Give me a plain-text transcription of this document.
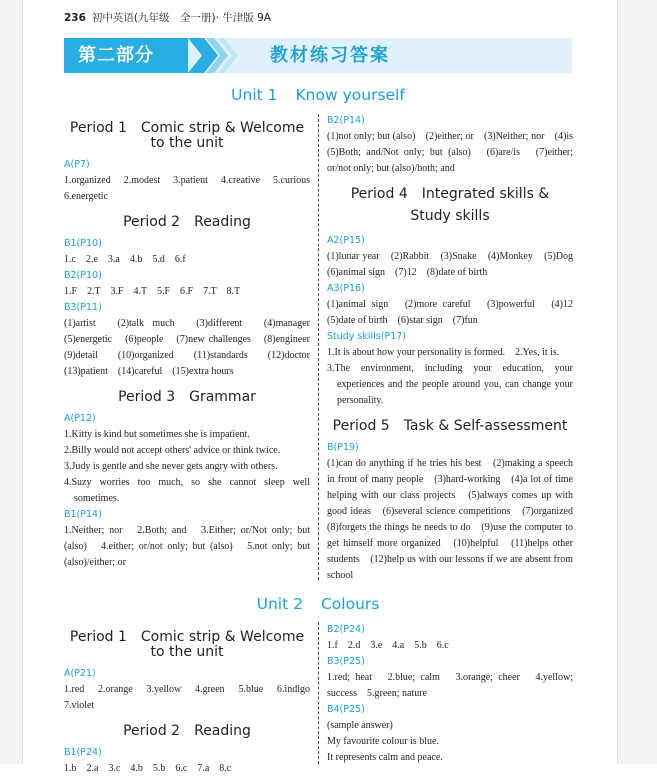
236 初中英语(九年级　全一册)· 牛津版 9A
第二部分	教材练习答案
Unit 1 Know yourself
Period 1 Comic strip & Welcome
to the unit
A(P7)
1.organized　2.modest　3.patient　4.creative　5.curious　6.energetic
Period 2 Reading
B1(P10)
1.c　2.e　3.a　4.b　5.d　6.f
B2(P10)
1.F　2.T　3.F　4.T　5.F　6.F　7.T　8.T
B3(P11)
(1)artist　(2)talk much　(3)different　(4)manager　(5)energetic　(6)people　(7)new challenges　(8)engineer　(9)detail　(10)organized　(11)standards　(12)doctor　(13)patient　(14)careful　(15)extra hours
Period 3 Grammar
A(P12)
1.Kitty is kind but sometimes she is impatient.
2.Billy would not accept others' advice or think twice.
3.Judy is gentle and she never gets angry with others.
4.Suzy worries too much, so she cannot sleep well sometimes.
B1(P14)
1.Neither; nor　2.Both; and　3.Either; or/Not only; but (also)　4.either; or/not only; but (also)　5.not only; but (also)/either; or
B2(P14)
(1)not only; but (also)　(2)either; or　(3)Neither; nor　(4)is　(5)Both; and/Not only; but (also)　(6)are/is　(7)either; or/not only; but (also)/both; and
Period 4 Integrated skills &
Study skills
A2(P15)
(1)lunar year　(2)Rabbit　(3)Snake　(4)Monkey　(5)Dog　(6)animal sign　(7)12　(8)date of birth
A3(P16)
(1)animal sign　(2)more careful　(3)powerful　(4)12　(5)date of birth　(6)star sign　(7)fun
Study skills(P17)
1.It is about how your personality is formed.　2.Yes, it is.
3.The environment, including your education, your experiences and the people around you, can change your personality.
Period 5 Task & Self-assessment
B(P19)
(1)can do anything if he tries his best　(2)making a speech in front of many people　(3)hard-working　(4)a lot of time helping with our class projects　(5)always comes up with good ideas　(6)several science competitions　(7)organized　(8)forgets the things he needs to do　(9)use the computer to get himself more organized　(10)helpful　(11)helps other students　(12)help us with our lessons if we are absent from school
Unit 2 Colours
Period 1 Comic strip & Welcome
to the unit
A(P21)
1.red　2.orange　3.yellow　4.green　5.blue　6.indigo　7.violet
Period 2 Reading
B1(P24)
1.b　2.a　3.c　4.b　5.b　6.c　7.a　8.c
B2(P24)
1.f　2.d　3.e　4.a　5.b　6.c
B3(P25)
1.red; heat　2.blue; calm　3.orange; cheer　4.yellow; success　5.green; nature
B4(P25)
(sample answer)
My favourite colour is blue.
It represents calm and peace.
